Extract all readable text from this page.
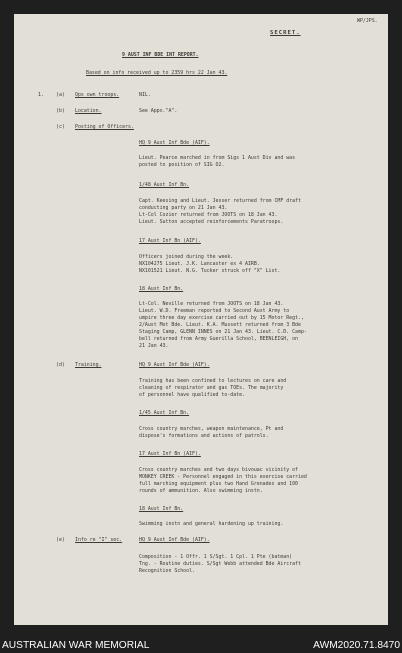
SECRET.
WP/JPS.
9 AUST INF BDE INT REPORT.
Based on info received up to 2359 hrs 22 Jan 43.
1. (a) Ops own troops.	NIL.
(b) Location.	See Appx."A".
(c) Posting of Officers.
HQ 9 Aust Inf Bde (AIF).
Lieut. Pearce marched in from Sigs 1 Aust Div and was
posted to position of SIG O2.
1/48 Aust Inf Bn.
Capt. Keesing and Lieut. Jesser returned from CMF draft
conducting party on 21 Jan 43.
Lt-Col Cozier returned from JOOTS on 18 Jan 43.
Lieut. Sutton accepted reinforcements Paratroops.
17 Aust Inf Bn (AIF).
Officers joined during the week.
NX104275 Lieut. J.K. Lancaster ex 4 AIRB.
NX101521 Lieut. N.G. Tucker struck off "X" List.
18 Aust Inf Bn.
Lt-Col. Neville returned from JOOTS on 18 Jan 43.
Lieut. W.D. Freeman reported to Second Aust Army to
umpire three day exercise carried out by 15 Motor Regt.,
2/Aust Mot Bde. Lieut. K.A. Mussett returned from 3 Bde
Staging Camp, GLENN INNES on 21 Jan 43. Lieut. C.D. Camp-
bell returned from Army Guerilla School, BEENLEIGH, on
21 Jan 43.
(d) Training.	HQ 9 Aust Inf Bde (AIF).
Training has been confined to lectures on care and
cleaning of respirator and gas TOEs. The majority
of personnel have qualified to-date.
1/45 Aust Inf Bn.
Cross country marches, weapon maintenance, Pt and
dispose's formations and actions of patrols.
17 Aust Inf Bn (AIF).
Cross country marches and two days bivouac vicinity of
MONKEY CREEK - Personnel engaged in this exercise carried
full marching equipment plus two Hand Grenades and 100
rounds of ammunition. Also swimming instn.
18 Aust Inf Bn.
Swimming instn and general hardening up training.
(e) Info re "I" sec.	HQ 9 Aust Inf Bde (AIF).
Composition - 1 Offr. 1 S/Sgt. 1 Cpl. 1 Pte (batman)
Tng. - Routine duties. S/Sgt Webb attended Bde Aircraft
Recognition School.
AUSTRALIAN WAR MEMORIAL	AWM2020.71.8470
